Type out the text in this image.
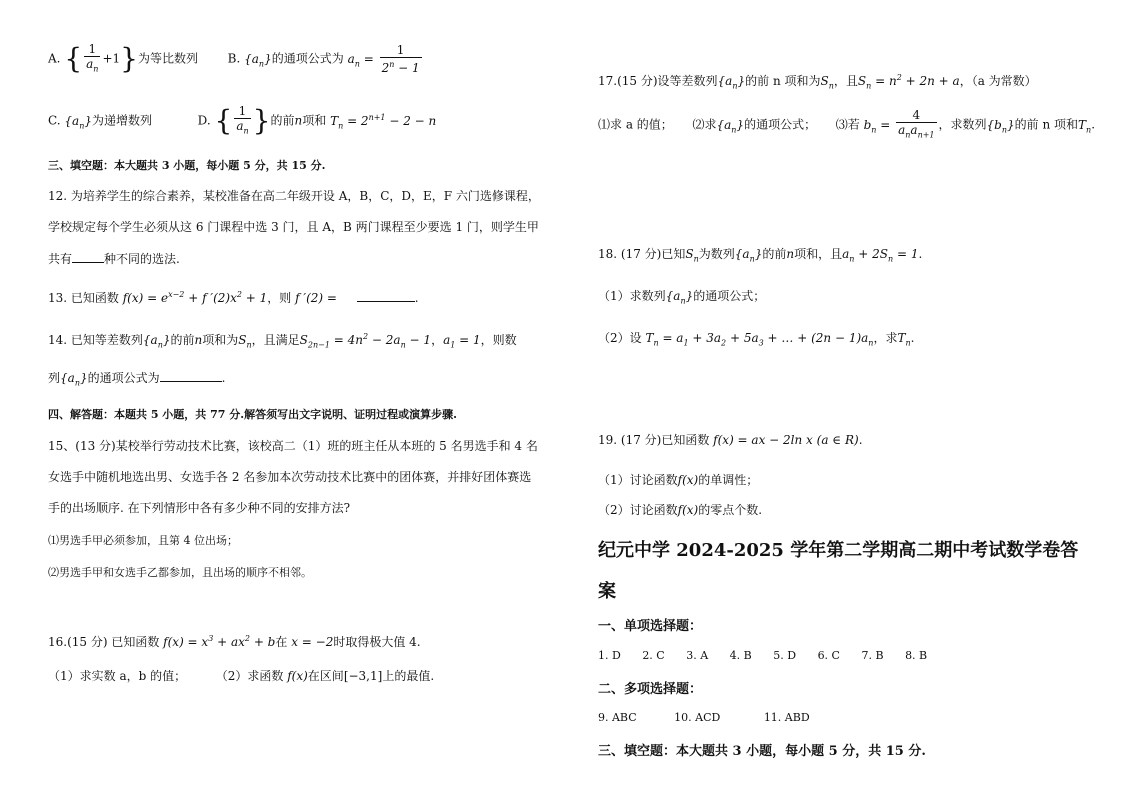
A. { $\frac{1}{a_n} +1$}为等比数列 B. $\{a_n\}$的通项公式为 $a_n = \frac{1}{2^n - 1}$
C. $\{a_n\}$为递增数列	D. { $\frac{1}{a_n}$ }的前n项和 $T_n = 2^{n+1} - 2 - n$
三、填空题：本大题共 3 小题，每小题 5 分，共 15 分.
12. 为培养学生的综合素养，某校准备在高二年级开设 A，B，C，D，E，F 六门选修课程，
学校规定每个学生必须从这 6 门课程中选 3 门，且 A，B 两门课程至少要选 1 门，则学生甲
共有	种不同的选法.
13. 已知函数 $f(x) = e^{x-2} + f$ $'(2)x^2 + 1$，则 f ′(2) =	.
14. 已知等差数列$\{a_n\}$的前n项和为$S_n$，且满足$S_{2n-1} = 4n^2 - 2a_n - 1$，$a_1 = 1$，则数
列$\{a_n\}$的通项公式为	.
四、解答题：本题共 5 小题，共 77 分.解答须写出文字说明、证明过程或演算步骤.
15、(13 分)某校举行劳动技术比赛，该校高二（1）班的班主任从本班的 5 名男选手和 4 名
女选手中随机地选出男、女选手各 2 名参加本次劳动技术比赛中的团体赛，并排好团体赛选
手的出场顺序. 在下列情形中各有多少种不同的安排方法?
⑴男选手甲必须参加，且第 4 位出场；
⑵男选手甲和女选手乙都参加，且出场的顺序不相邻。
16.(15 分) 已知函数 $f(x) = x^3 + ax^2 + b$在 x = −2时取得极大值 4.
（1）求实数 a，b 的值； （2）求函数 f(x)在区间[−3,1]上的最值.
17.(15 分)设等差数列$\{a_n\}$的前 n 项和为$S_n$，且$S_n = n^2 + 2n + a$，（a 为常数）
⑴求 a 的值； ⑵求$\{a_n\}$的通项公式； ⑶若 $b_n = \frac{4}{a_na_{n+1}}$ ，求数列$\{b_n\}$的前 n 项和$T_n$.
18. (17 分)已知$S_n$为数列$\{a_n\}$的前n项和，且$a_n + 2S_n = 1$.
（1）求数列$\{a_n\}$的通项公式；
（2）设 $T_n = a_1 + 3a_2 + 5a_3$ + … + $(2n - 1)a_n$，求$T_n$.
19. (17 分)已知函数 f(x) = ax − 2ln x (a ∈ R).
（1）讨论函数f(x)的单调性；
（2）讨论函数f(x)的零点个数.
纪元中学 2024-2025 学年第二学期高二期中考试数学卷答
案
一、单项选择题：
1. D 2. C 3. A 4. B 5. D 6. C 7. B 8. B
二、多项选择题：
9. ABC	10. ACD	11. ABD
三、填空题：本大题共 3 小题，每小题 5 分，共 15 分.
